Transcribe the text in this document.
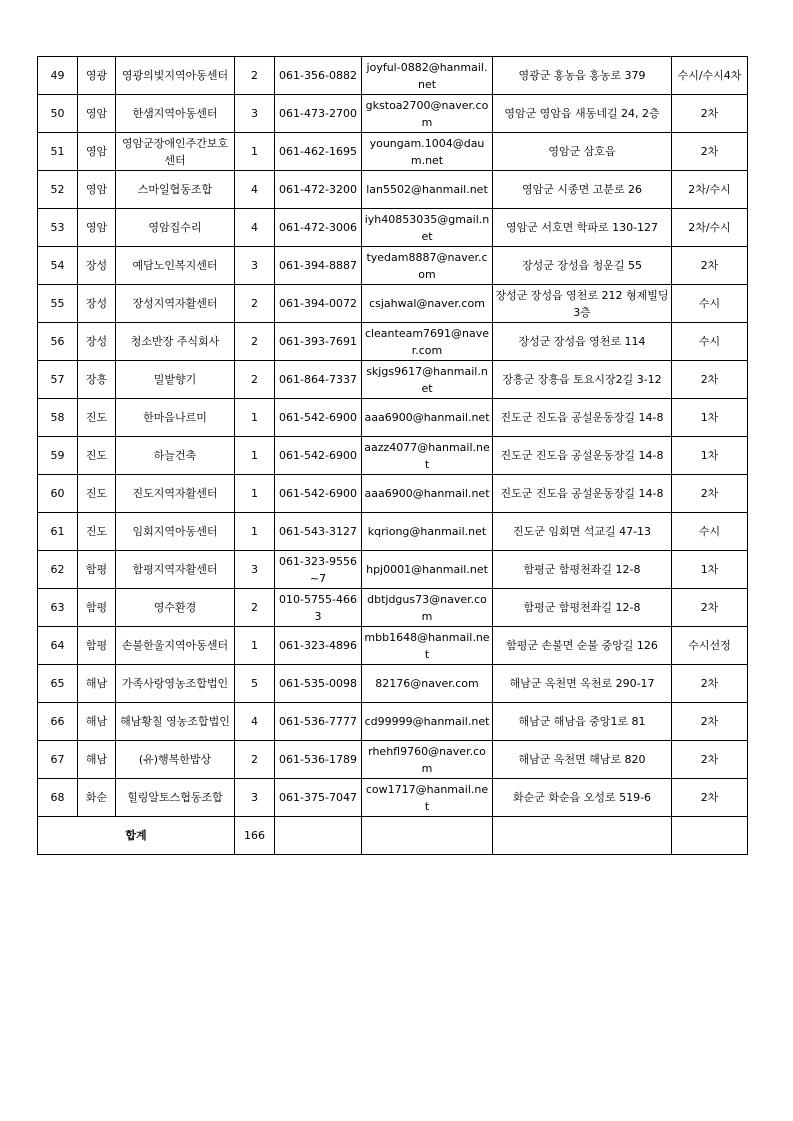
49	영광	영광의빛지역아동센터	2	061-356-0882	joyful-0882@hanmail.net	영광군 홍농읍 홍농로 379	수시/수시4차
50	영암	한샘지역아동센터	3	061-473-2700	gkstoa2700@naver.com	영암군 영암읍 새동네길 24, 2층	2차
51	영암	영암군장애인주간보호센터	1	061-462-1695	youngam.1004@daum.net	영암군 삼호읍	2차
52	영암	스마일협동조합	4	061-472-3200	lan5502@hanmail.net	영암군 시종면 고분로 26	2차/수시
53	영암	영암집수리	4	061-472-3006	iyh40853035@gmail.net	영암군 서호면 학파로 130-127	2차/수시
54	장성	예담노인복지센터	3	061-394-8887	tyedam8887@naver.com	장성군 장성읍 청운길 55	2차
55	장성	장성지역자활센터	2	061-394-0072	csjahwal@naver.com	장성군 장성읍 영천로 212 형제빌딩 3층	수시
56	장성	청소반장 주식회사	2	061-393-7691	cleanteam7691@naver.com	장성군 장성읍 영천로 114	수시
57	장흥	밀밭향기	2	061-864-7337	skjgs9617@hanmail.net	장흥군 장흥읍 토요시장2길 3-12	2차
58	진도	한마음나르미	1	061-542-6900	aaa6900@hanmail.net	진도군 진도읍 공설운동장길 14-8	1차
59	진도	하늘건축	1	061-542-6900	aazz4077@hanmail.net	진도군 진도읍 공설운동장길 14-8	1차
60	진도	진도지역자활센터	1	061-542-6900	aaa6900@hanmail.net	진도군 진도읍 공설운동장길 14-8	2차
61	진도	임회지역아동센터	1	061-543-3127	kqriong@hanmail.net	진도군 임회면 석교길 47-13	수시
62	함평	함평지역자활센터	3	061-323-9556~7	hpj0001@hanmail.net	함평군 함평천좌길 12-8	1차
63	함평	영수환경	2	010-5755-4663	dbtjdgus73@naver.com	함평군 함평천좌길 12-8	2차
64	함평	손불한울지역아동센터	1	061-323-4896	mbb1648@hanmail.net	함평군 손불면 순불 중앙길 126	수시선정
65	해남	가족사랑영농조합법인	5	061-535-0098	82176@naver.com	해남군 옥천면 옥천로 290-17	2차
66	해남	해남황칠 영농조합법인	4	061-536-7777	cd99999@hanmail.net	해남군 해남읍 중앙1로 81	2차
67	해남	(유)행복한밥상	2	061-536-1789	rhehfl9760@naver.com	해남군 옥천면 해남로 820	2차
68	화순	힐링알토스협동조합	3	061-375-7047	cow1717@hanmail.net	화순군 화순읍 오성로 519-6	2차
합계			166				
